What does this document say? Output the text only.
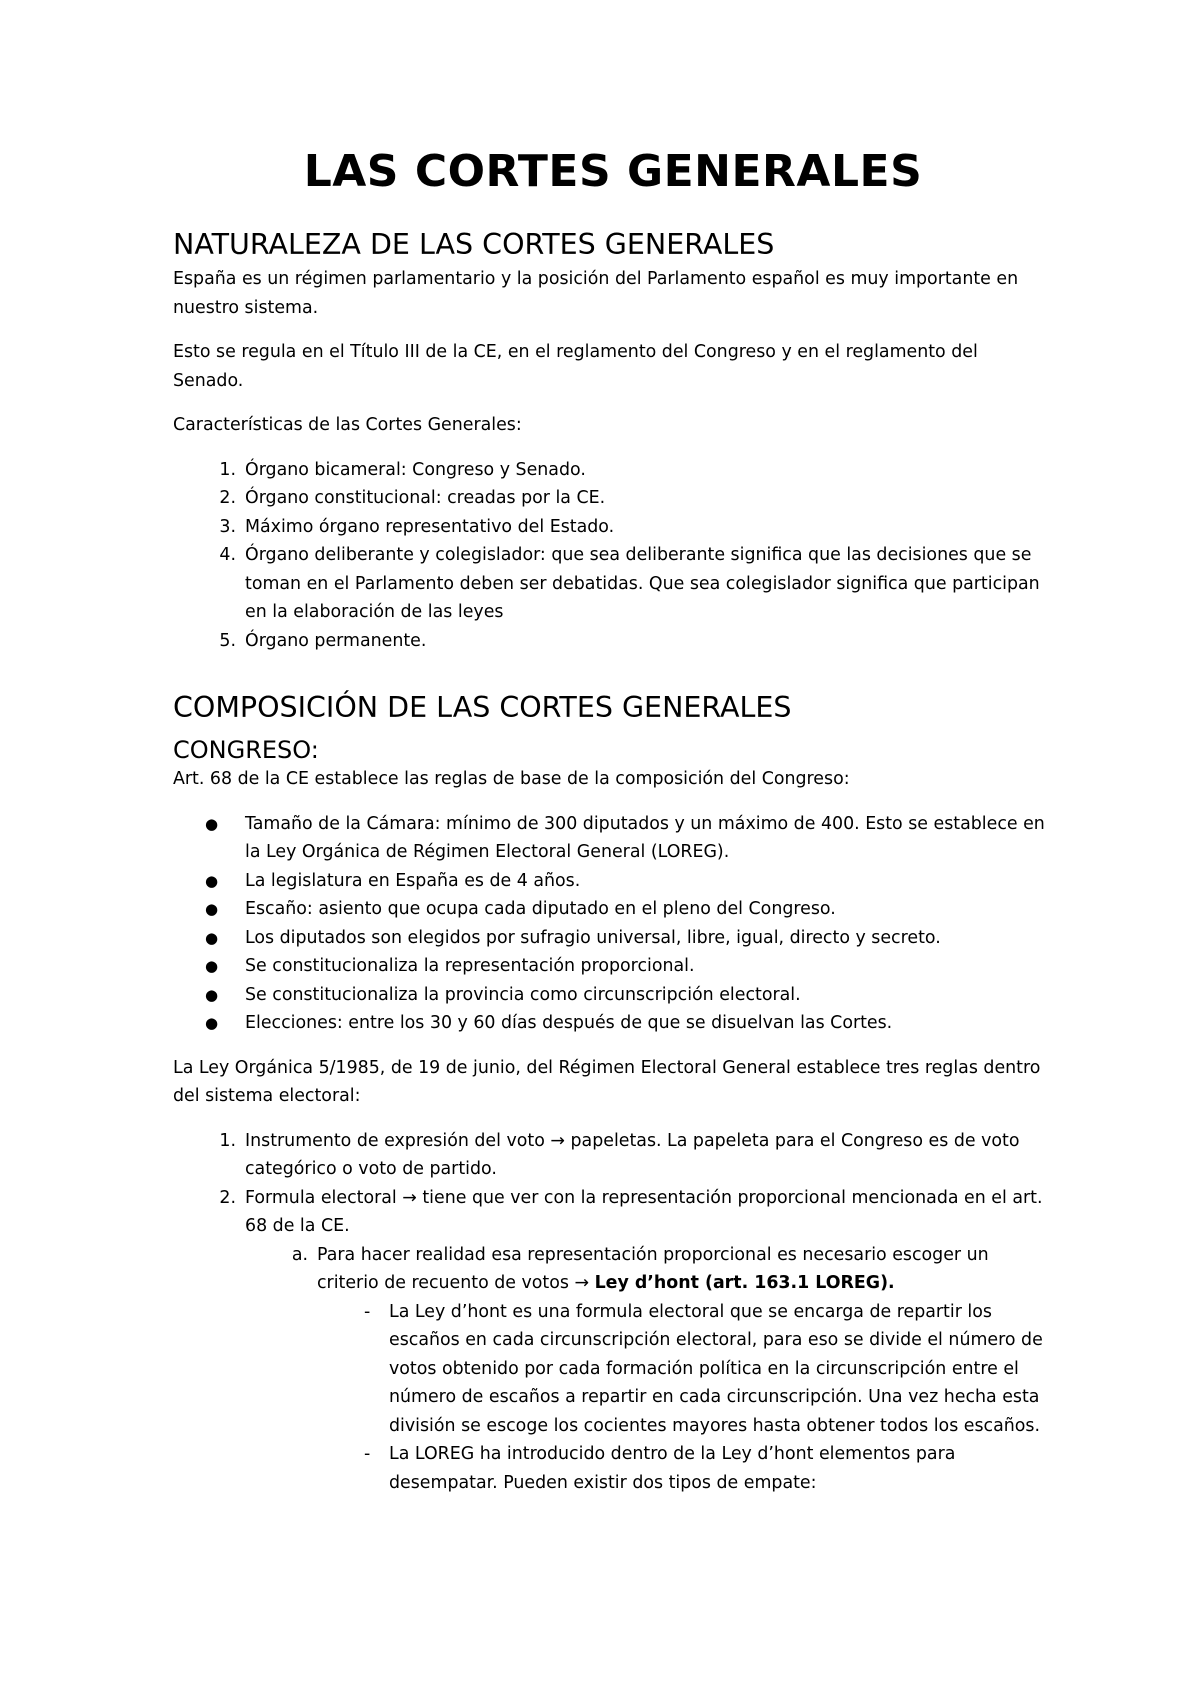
LAS CORTES GENERALES
NATURALEZA DE LAS CORTES GENERALES

España es un régimen parlamentario y la posición del Parlamento español es muy importante en nuestro sistema.

Esto se regula en el Título III de la CE, en el reglamento del Congreso y en el reglamento del Senado.

Características de las Cortes Generales:

1. Órgano bicameral: Congreso y Senado.
2. Órgano constitucional: creadas por la CE.
3. Máximo órgano representativo del Estado.
4. Órgano deliberante y colegislador: que sea deliberante significa que las decisiones que se toman en el Parlamento deben ser debatidas. Que sea colegislador significa que participan en la elaboración de las leyes
5. Órgano permanente.
COMPOSICIÓN DE LAS CORTES GENERALES
CONGRESO:

Art. 68 de la CE establece las reglas de base de la composición del Congreso:

● Tamaño de la Cámara: mínimo de 300 diputados y un máximo de 400. Esto se establece en la Ley Orgánica de Régimen Electoral General (LOREG).
● La legislatura en España es de 4 años.
● Escaño: asiento que ocupa cada diputado en el pleno del Congreso.
● Los diputados son elegidos por sufragio universal, libre, igual, directo y secreto.
● Se constitucionaliza la representación proporcional.
● Se constitucionaliza la provincia como circunscripción electoral.
● Elecciones: entre los 30 y 60 días después de que se disuelvan las Cortes.

La Ley Orgánica 5/1985, de 19 de junio, del Régimen Electoral General establece tres reglas dentro del sistema electoral:

1. Instrumento de expresión del voto → papeletas. La papeleta para el Congreso es de voto categórico o voto de partido.
2. Formula electoral → tiene que ver con la representación proporcional mencionada en el art. 68 de la CE.
a. Para hacer realidad esa representación proporcional es necesario escoger un criterio de recuento de votos → Ley d’hont (art. 163.1 LOREG).
- La Ley d’hont es una formula electoral que se encarga de repartir los escaños en cada circunscripción electoral, para eso se divide el número de votos obtenido por cada formación política en la circunscripción entre el número de escaños a repartir en cada circunscripción. Una vez hecha esta división se escoge los cocientes mayores hasta obtener todos los escaños.
- La LOREG ha introducido dentro de la Ley d’hont elementos para desempatar. Pueden existir dos tipos de empate:
